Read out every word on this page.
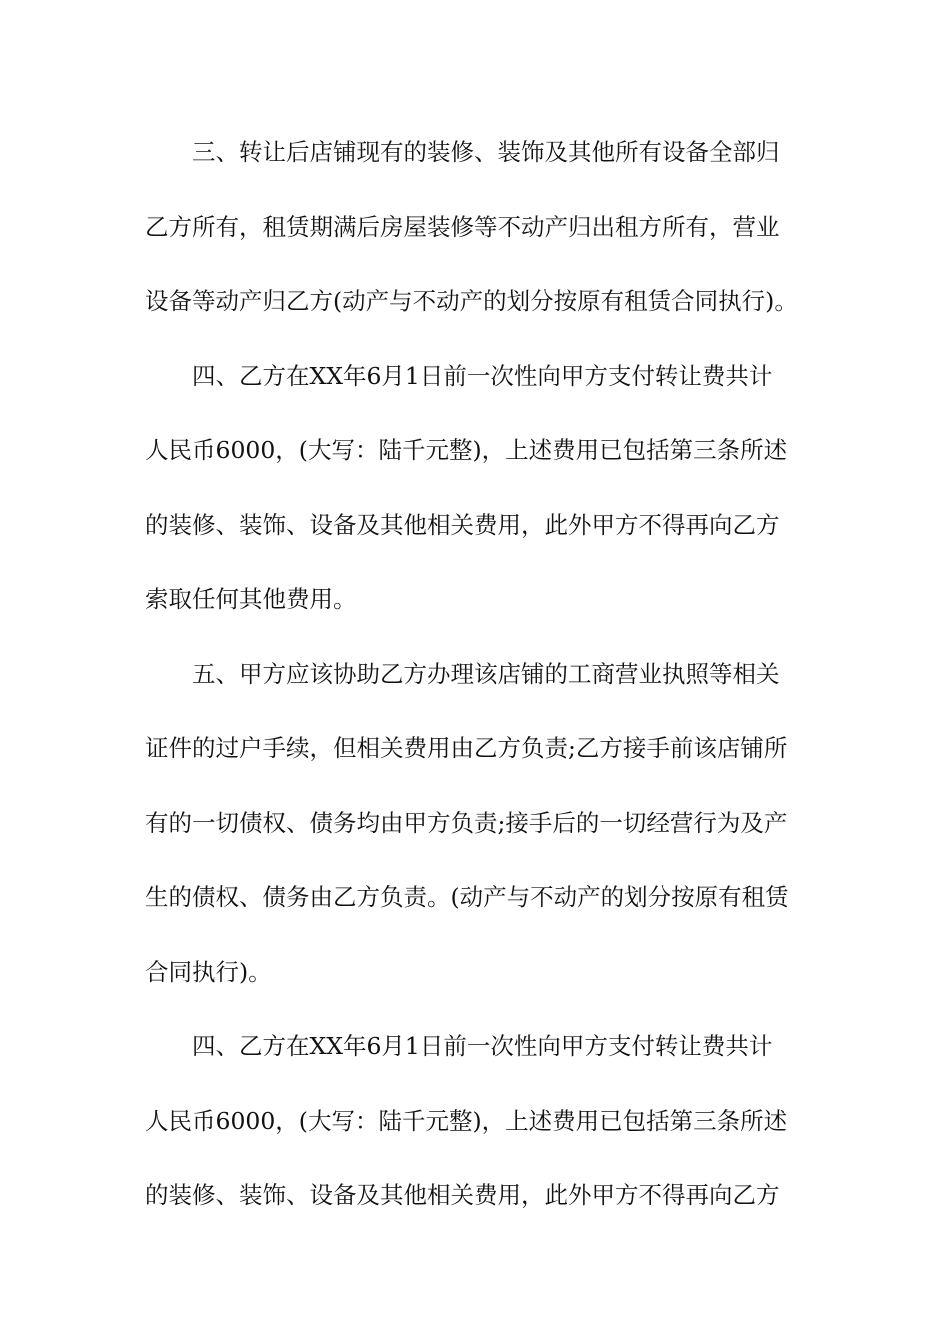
　　三、转让后店铺现有的装修、装饰及其他所有设备全部归
乙方所有，租赁期满后房屋装修等不动产归出租方所有，营业
设备等动产归乙方(动产与不动产的划分按原有租赁合同执行)。
　　四、乙方在XX年6月1日前一次性向甲方支付转让费共计
人民币6000，(大写：陆千元整)，上述费用已包括第三条所述
的装修、装饰、设备及其他相关费用，此外甲方不得再向乙方
索取任何其他费用。
　　五、甲方应该协助乙方办理该店铺的工商营业执照等相关
证件的过户手续，但相关费用由乙方负责;乙方接手前该店铺所
有的一切债权、债务均由甲方负责;接手后的一切经营行为及产
生的债权、债务由乙方负责。(动产与不动产的划分按原有租赁
合同执行)。
　　四、乙方在XX年6月1日前一次性向甲方支付转让费共计
人民币6000，(大写：陆千元整)，上述费用已包括第三条所述
的装修、装饰、设备及其他相关费用，此外甲方不得再向乙方
